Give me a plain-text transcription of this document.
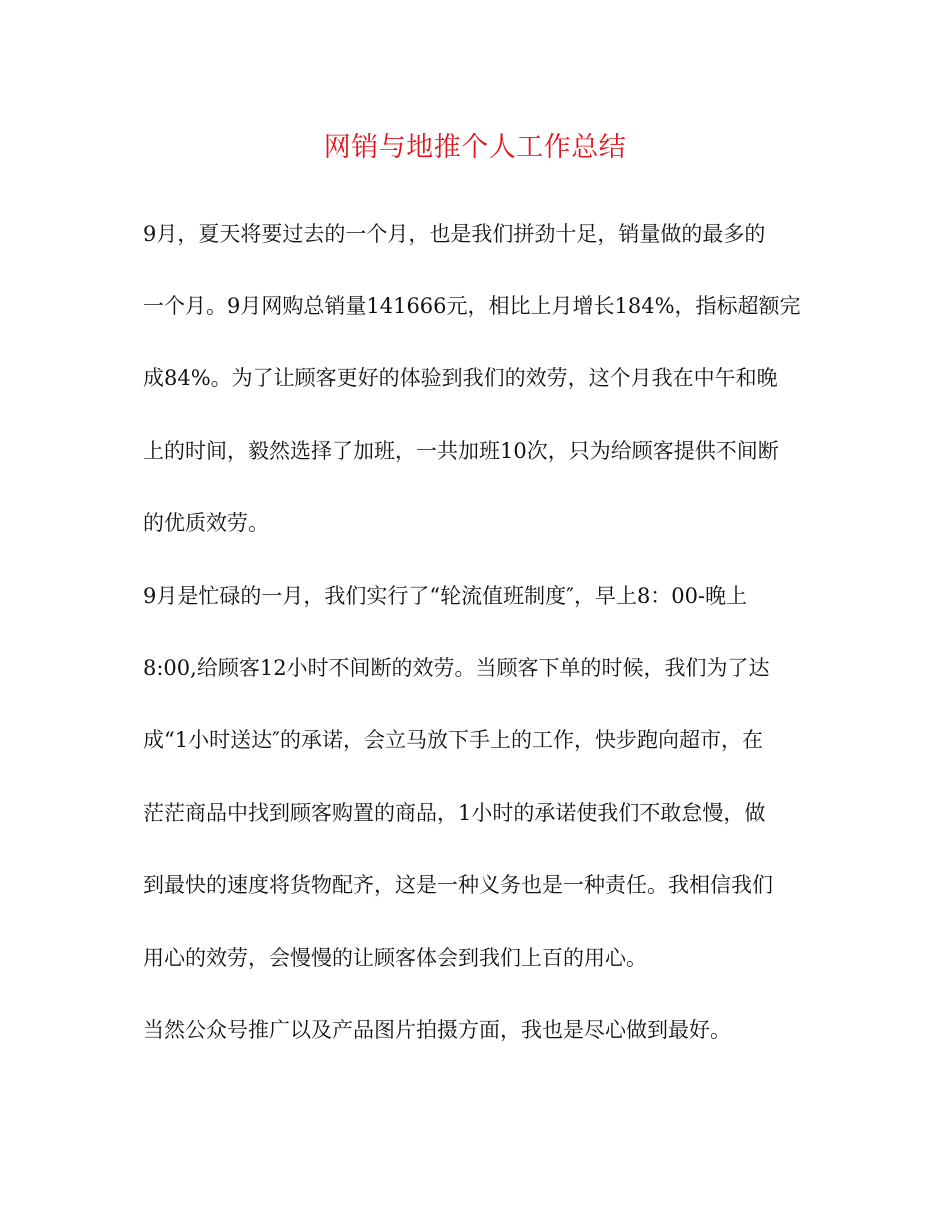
网销与地推个人工作总结
9月，夏天将要过去的一个月，也是我们拼劲十足，销量做的最多的
一个月。9月网购总销量141666元，相比上月增长184%，指标超额完
成84%。为了让顾客更好的体验到我们的效劳，这个月我在中午和晚
上的时间，毅然选择了加班，一共加班10次，只为给顾客提供不间断
的优质效劳。
9月是忙碌的一月，我们实行了“轮流值班制度″，早上8：00-晚上
8:00,给顾客12小时不间断的效劳。当顾客下单的时候，我们为了达
成“1小时送达″的承诺，会立马放下手上的工作，快步跑向超市，在
茫茫商品中找到顾客购置的商品，1小时的承诺使我们不敢怠慢，做
到最快的速度将货物配齐，这是一种义务也是一种责任。我相信我们
用心的效劳，会慢慢的让顾客体会到我们上百的用心。
当然公众号推广以及产品图片拍摄方面，我也是尽心做到最好。
